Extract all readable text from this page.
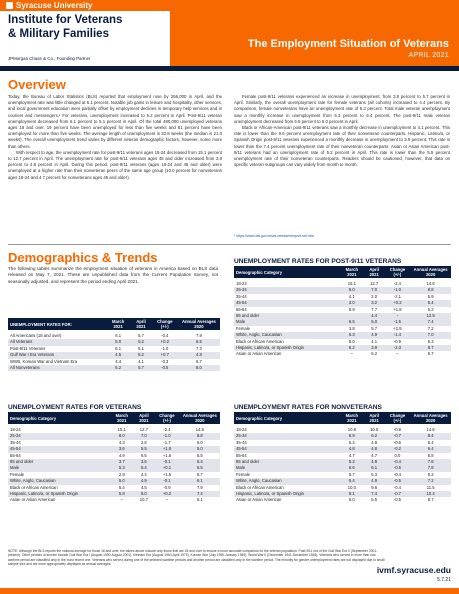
Syracuse University
Institute for Veterans
& Military Families
JPMorgan Chase & Co., Founding Partner
The Employment Situation of Veterans
APRIL 2021
Overview

Today, the Bureau of Labor Statistics (BLS) reported that employment rose by 266,000 in April, and the unemployment rate was little changed at 6.1 percent. Notable job gains in leisure and hospitality, other services, and local government education were partially offset by employment declines in temporary help services and in couriers and messengers.¹ For veterans, unemployment increased to 5.2 percent in April. Post-9/11 veteran unemployment decreased from 6.1 percent to 5.1 percent in April. Of the total 480,000 unemployed veterans ages 18 and over, 19 percent have been unemployed for less than five weeks and 81 percent have been unemployed for more than five weeks. The average length of unemployment is 32.8 weeks (the median is 21.0 weeks). The overall unemployment trend varies by different veteran demographic factors, however, some more than others.

With respect to age, the unemployment rate for post-9/11 veterans ages 18-24 decreased from 15.1 percent to 12.7 percent in April. The unemployment rate for post-9/11 veterans ages 45 and older increased from 3.9 percent to 4.8 percent in April. During this period, post-9/11 veterans (ages 18-24 and 45 and older) were unemployed at a higher rate than their nonveteran peers of the same age group (10.0 percent for nonveterans ages 18-24 and 4.7 percent for nonveterans ages 45 and older).

Female post-9/11 veterans experienced an increase in unemployment, from 3.8 percent to 5.7 percent in April. Similarly, the overall unemployment rate for female veterans (all cohorts) increased to 4.4 percent. By comparison, female nonveterans have an unemployment rate of 5.3 percent. Total male veteran unemployment saw a monthly increase in unemployment from 5.3 percent to 5.4 percent. The post-9/11 male veteran unemployment decreased from 6.5 percent to 5.0 percent in April.

Black or African-American post-9/11 veterans saw a monthly decrease in unemployment to 4.1 percent. This rate is lower than the 9.6 percent unemployment rate of their nonveteran counterparts. Hispanic, Latino/a, or Spanish Origin post-9/11 veterans experienced a monthly decrease in unemployment to 3.9 percent. This rate is lower than the 7.4 percent unemployment rate of their nonveteran counterparts. Asian or Asian American post-9/11 veterans had an unemployment rate of 5.2 percent in April. This rate is lower than the 5.5 percent unemployment rate of their nonveteran counterparts. Readers should be cautioned, however, that data on specific veteran subgroups can vary widely from month to month.

¹ https://www.bls.gov/news.release/empsit.nr0.htm
Demographics & Trends
The following tables summarize the employment situation of veterans in America based on BLS data released on May 7, 2021. These are unpublished data from the Current Population Survey, not seasonally adjusted, and represent the period ending April 2021.
UNEMPLOYMENT RATES FOR:	March 2021	April 2021	Change (+/-)	Annual Averages 2020

All Americans (18 and over)	6.1	5.7	-0.4	7.9
All Veterans	5.0	5.2	+0.2	6.5
Post-9/11 Veterans	6.1	5.1	-1.0	7.3
Gulf War I Era Veterans	4.5	5.2	+0.7	4.8
WWII, Korean War and Vietnam Era	4.4	4.1	-0.3	6.7
All Nonveterans	6.2	5.7	-0.5	8.0
UNEMPLOYMENT RATES FOR POST-9/11 VETERANS
Demographic Category	March 2021	April 2021	Change (+/-)	Annual Averages 2020

18-24	15.1	12.7	-2.4	14.6
25-34	8.0	7.0	-1.0	8.8
35-44	4.1	2.0	-2.1	5.9
45-54	3.0	3.2	+0.2	5.4
55-64	5.9	7.7	+1.8	5.2
65 and older		4.4	-	12.5
Male	6.5	5.0	-1.5	7.4
Female	3.8	5.7	+1.9	7.2
White, Anglo, Caucasian	6.3	4.9	-1.4	7.0
Black or African American	5.0	4.1	-0.9	6.3
Hispanic, Latino/a, or Spanish Origin	6.2	3.9	-2.3	8.7
Asian or Asian American	–	5.2	–	6.7
UNEMPLOYMENT RATES FOR VETERANS
Demographic Category	March 2021	April 2021	Change (+/-)	Annual Averages 2020

18-24	15.1	12.7	-2.4	14.6
25-34	8.0	7.0	-1.0	8.8
35-44	4.3	2.6	-1.7	6.0
45-54	3.6	5.5	+1.9	5.0
55-64	4.9	6.5	+1.6	6.5
65 and older	3.7	3.6	-0.1	6.4
Male	5.3	5.4	+0.1	6.5
Female	2.9	4.4	+1.5	6.7
White, Anglo, Caucasian	5.0	4.9	-0.1	6.1
Black or African American	5.4	4.5	-0.9	7.9
Hispanic, Latino/a, or Spanish Origin	5.8	6.0	+0.2	7.4
Asian or Asian American	–	10.7	–	5.1
UNEMPLOYMENT RATES FOR NONVETERANS
Demographic Category	March 2021	April 2021	Change (+/-)	Annual Averages 2020

18-24	10.8	10.0	-0.8	14.6
25-34	6.9	6.2	-0.7	8.4
35-44	5.4	4.8	-0.6	6.4
45-54	4.8	4.6	-0.2	6.4
55-64	4.7	4.7	0.0	6.8
65 and older	5.2	4.8	-0.4	7.6
Male	6.6	6.1	-0.5	7.8
Female	5.7	5.3	-0.4	8.2
White, Anglo, Caucasian	5.4	4.9	-0.5	7.2
Black or African American	10.0	9.6	-0.4	11.5
Hispanic, Latino/a, or Spanish Origin	8.1	7.4	-0.7	10.4
Asian or Asian American	6.0	5.5	-0.5	8.7
NOTE: Although the BLS reports the national average for those 16 and over, the tables above include only those that are 18 and over to ensure a more accurate comparison to the veteran population. Post-9/11 era of the Gulf War Era II (September 2001-present). Other periods of service include Gulf War Era I (August 1990-August 2001), Vietnam Era (August 1964-April 1975), Korean War (July 1950-January 1955), World War II (December 1941-December 1946). Veterans who served in more than one wartime period are classified only in the most recent one. Veterans who served during one of the selected wartime periods and another period are classified only in the wartime period. The minority for gender unemployment rates are not displayed due to small sample size and are more appropriately displayed as annual averages.
ivmf.syracuse.edu
5.7.21
